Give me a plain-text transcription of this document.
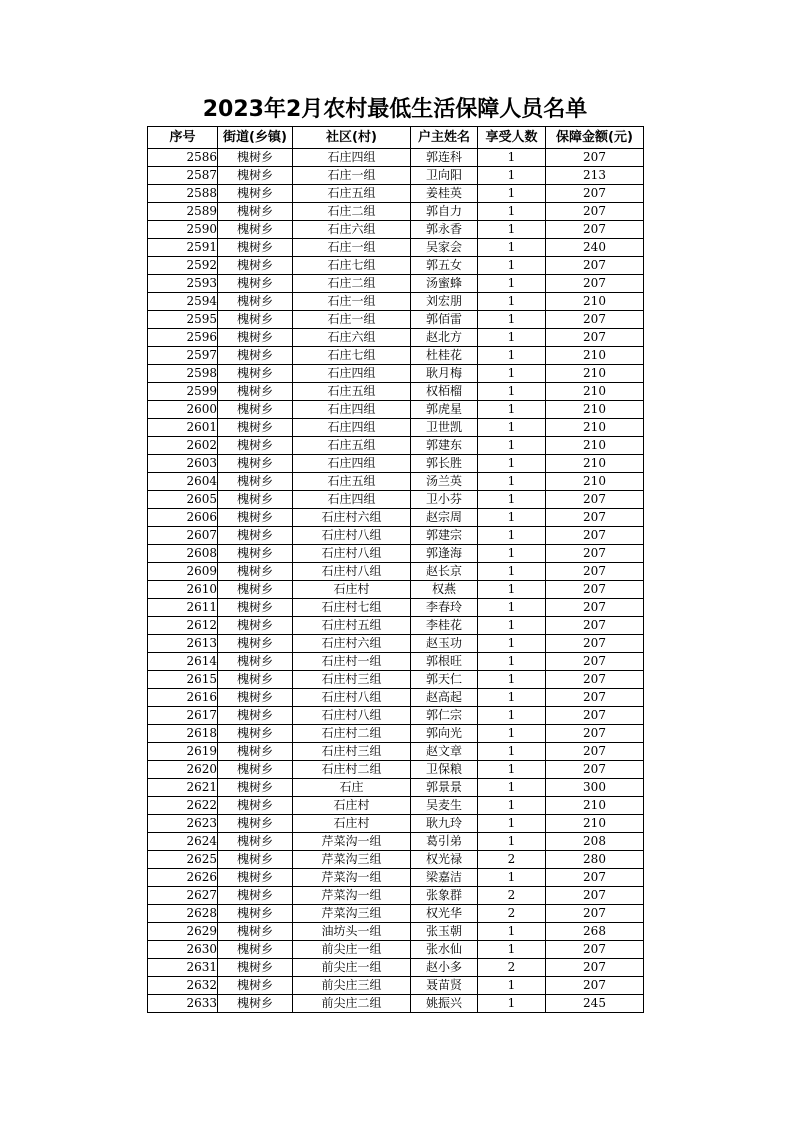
2023年2月农村最低生活保障人员名单
序号	街道(乡镇)	社区(村)	户主姓名	享受人数	保障金额(元)
2586	槐树乡	石庄四组	郭连科	1	207
2587	槐树乡	石庄一组	卫向阳	1	213
2588	槐树乡	石庄五组	姜桂英	1	207
2589	槐树乡	石庄二组	郭自力	1	207
2590	槐树乡	石庄六组	郭永香	1	207
2591	槐树乡	石庄一组	吴家会	1	240
2592	槐树乡	石庄七组	郭五女	1	207
2593	槐树乡	石庄二组	汤蜜蜂	1	207
2594	槐树乡	石庄一组	刘宏朋	1	210
2595	槐树乡	石庄一组	郭佰雷	1	207
2596	槐树乡	石庄六组	赵北方	1	207
2597	槐树乡	石庄七组	杜桂花	1	210
2598	槐树乡	石庄四组	耿月梅	1	210
2599	槐树乡	石庄五组	权栢榴	1	210
2600	槐树乡	石庄四组	郭虎星	1	210
2601	槐树乡	石庄四组	卫世凯	1	210
2602	槐树乡	石庄五组	郭建东	1	210
2603	槐树乡	石庄四组	郭长胜	1	210
2604	槐树乡	石庄五组	汤兰英	1	210
2605	槐树乡	石庄四组	卫小芬	1	207
2606	槐树乡	石庄村六组	赵宗周	1	207
2607	槐树乡	石庄村八组	郭建宗	1	207
2608	槐树乡	石庄村八组	郭逢海	1	207
2609	槐树乡	石庄村八组	赵长京	1	207
2610	槐树乡	石庄村	权燕	1	207
2611	槐树乡	石庄村七组	李春玲	1	207
2612	槐树乡	石庄村五组	李桂花	1	207
2613	槐树乡	石庄村六组	赵玉功	1	207
2614	槐树乡	石庄村一组	郭根旺	1	207
2615	槐树乡	石庄村三组	郭天仁	1	207
2616	槐树乡	石庄村八组	赵高起	1	207
2617	槐树乡	石庄村八组	郭仁宗	1	207
2618	槐树乡	石庄村二组	郭向光	1	207
2619	槐树乡	石庄村三组	赵文章	1	207
2620	槐树乡	石庄村二组	卫保粮	1	207
2621	槐树乡	石庄	郭景景	1	300
2622	槐树乡	石庄村	吴麦生	1	210
2623	槐树乡	石庄村	耿九玲	1	210
2624	槐树乡	芹菜沟一组	葛引弟	1	208
2625	槐树乡	芹菜沟三组	权光禄	2	280
2626	槐树乡	芹菜沟一组	梁嘉洁	1	207
2627	槐树乡	芹菜沟一组	张象群	2	207
2628	槐树乡	芹菜沟三组	权光华	2	207
2629	槐树乡	油坊头一组	张玉朝	1	268
2630	槐树乡	前尖庄一组	张水仙	1	207
2631	槐树乡	前尖庄一组	赵小多	2	207
2632	槐树乡	前尖庄三组	聂苗贤	1	207
2633	槐树乡	前尖庄二组	姚振兴	1	245
